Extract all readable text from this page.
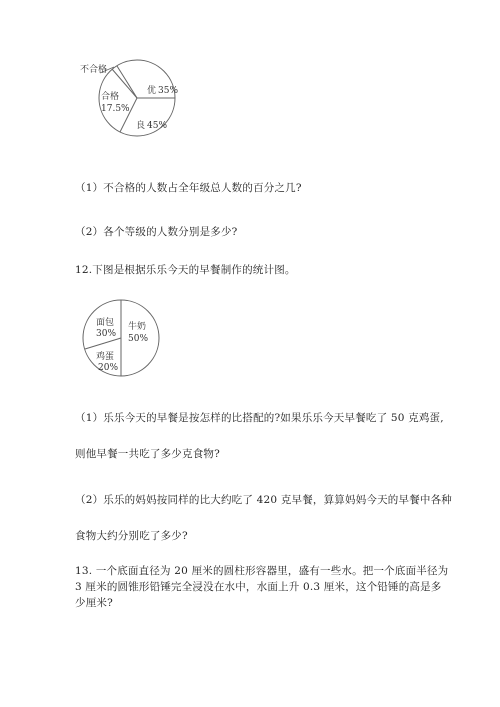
不合格
优 35%
良 45%
合格
17.5%
（1）不合格的人数占全年级总人数的百分之几?
（2）各个等级的人数分别是多少?
12.下图是根据乐乐今天的早餐制作的统计图。
牛奶
50%
面包
30%
鸡蛋
20%
（1）乐乐今天的早餐是按怎样的比搭配的?如果乐乐今天早餐吃了 50 克鸡蛋,
则他早餐一共吃了多少克食物?
（2）乐乐的妈妈按同样的比大约吃了 420 克早餐，算算妈妈今天的早餐中各种
食物大约分别吃了多少?
13. 一个底面直径为 20 厘米的圆柱形容器里，盛有一些水。把一个底面半径为
3 厘米的圆锥形铅锤完全浸没在水中，水面上升 0.3 厘米，这个铅锤的高是多
少厘米?
